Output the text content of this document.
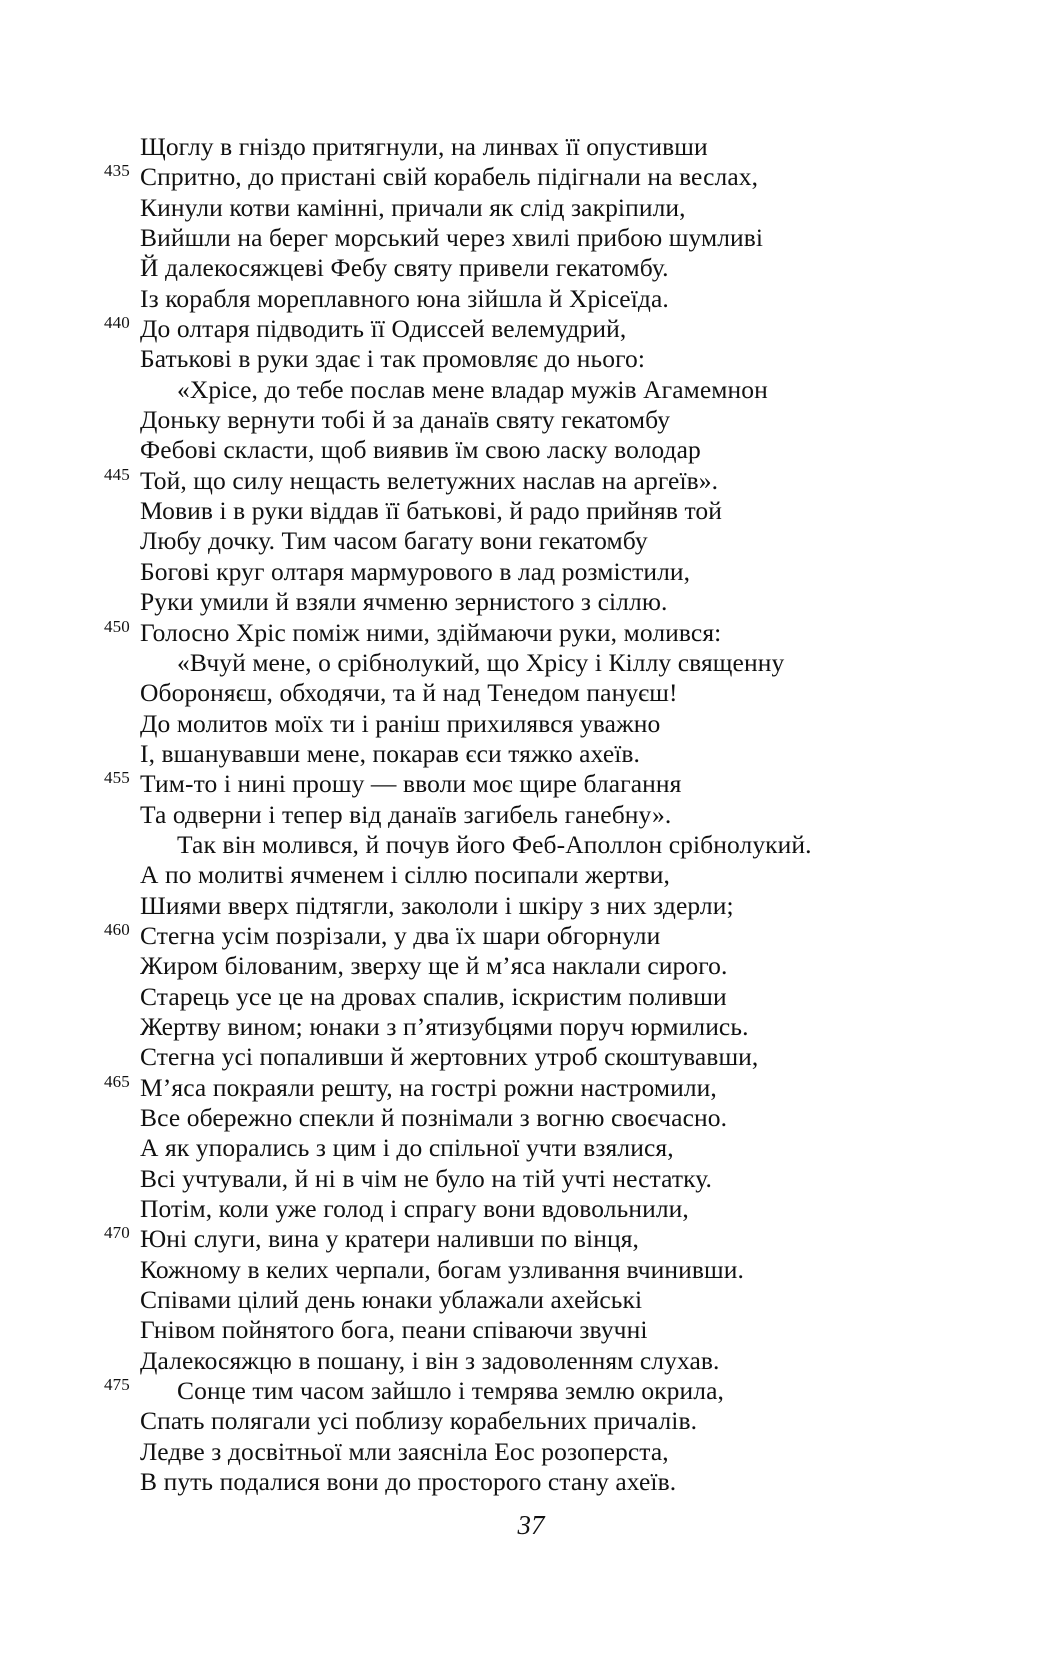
Щоглу в гніздо притягнули, на линвах її опустивши
435 Спритно, до пристані свій корабель підігнали на веслах,
Кинули котви камінні, причали як слід закріпили,
Вийшли на берег морський через хвилі прибою шумливі
Й далекосяжцеві Фебу святу привели гекатомбу.
Із корабля мореплавного юна зійшла й Хрісеїда.
440 До олтаря підводить її Одиссей велемудрий,
Батькові в руки здає і так промовляє до нього:
«Хрісе, до тебе послав мене владар мужів Агамемнон
Доньку вернути тобі й за данаїв святу гекатомбу
Фебові скласти, щоб виявив їм свою ласку володар
445 Той, що силу нещасть велетужних наслав на аргеїв».
Мовив і в руки віддав її батькові, й радо прийняв той
Любу дочку. Тим часом багату вони гекатомбу
Богові круг олтаря мармурового в лад розмістили,
Руки умили й взяли ячменю зернистого з сіллю.
450 Голосно Хріс поміж ними, здіймаючи руки, молився:
«Вчуй мене, о срібнолукий, що Хрісу і Кіллу священну
Обороняєш, обходячи, та й над Тенедом пануєш!
До молитов моїх ти і раніш прихилявся уважно
І, вшанувавши мене, покарав єси тяжко ахеїв.
455 Тим-то і нині прошу — вволи моє щире благання
Та одверни і тепер від данаїв загибель ганебну».
Так він молився, й почув його Феб-Аполлон срібнолукий.
А по молитві ячменем і сіллю посипали жертви,
Шиями вверх підтягли, закололи і шкіру з них здерли;
460 Стегна усім позрізали, у два їх шари обгорнули
Жиром білованим, зверху ще й м’яса наклали сирого.
Старець усе це на дровах спалив, іскристим поливши
Жертву вином; юнаки з п’ятизубцями поруч юрмились.
Стегна усі попаливши й жертовних утроб скоштувавши,
465 М’яса покраяли решту, на гострі рожни настромили,
Все обережно спекли й познімали з вогню своєчасно.
А як упорались з цим і до спільної учти взялися,
Всі учтували, й ні в чім не було на тій учті нестатку.
Потім, коли уже голод і спрагу вони вдовольнили,
470 Юні слуги, вина у кратери наливши по вінця,
Кожному в келих черпали, богам узливання вчинивши.
Співами цілий день юнаки ублажали ахейські
Гнівом пойнятого бога, пеани співаючи звучні
Далекосяжцю в пошану, і він з задоволенням слухав.
475	Сонце тим часом зайшло і темрява землю окрила,
Спать полягали усі поблизу корабельних причалів.
Ледве з досвітньої мли заясніла Еос розоперста,
В путь подалися вони до просторого стану ахеїв.
37
